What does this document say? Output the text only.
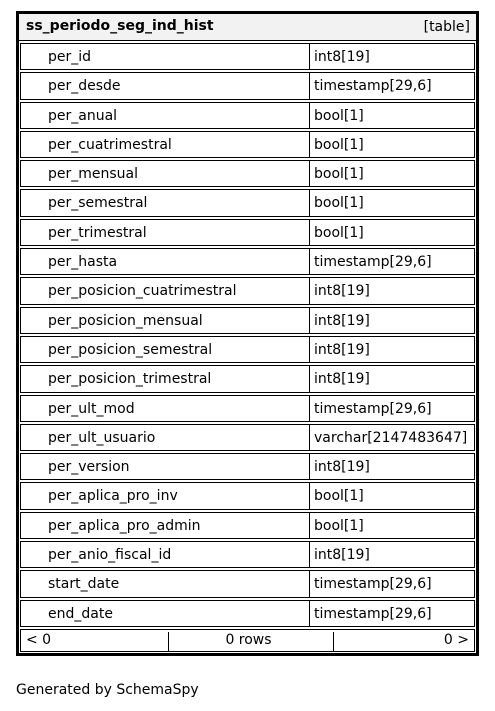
ss_periodo_seg_ind_hist	[table]
per_id	int8[19]
per_desde	timestamp[29,6]
per_anual	bool[1]
per_cuatrimestral	bool[1]
per_mensual	bool[1]
per_semestral	bool[1]
per_trimestral	bool[1]
per_hasta	timestamp[29,6]
per_posicion_cuatrimestral	int8[19]
per_posicion_mensual	int8[19]
per_posicion_semestral	int8[19]
per_posicion_trimestral	int8[19]
per_ult_mod	timestamp[29,6]
per_ult_usuario	varchar[2147483647]
per_version	int8[19]
per_aplica_pro_inv	bool[1]
per_aplica_pro_admin	bool[1]
per_anio_fiscal_id	int8[19]
start_date	timestamp[29,6]
end_date	timestamp[29,6]
< 0	0 rows	0 >
Generated by SchemaSpy
